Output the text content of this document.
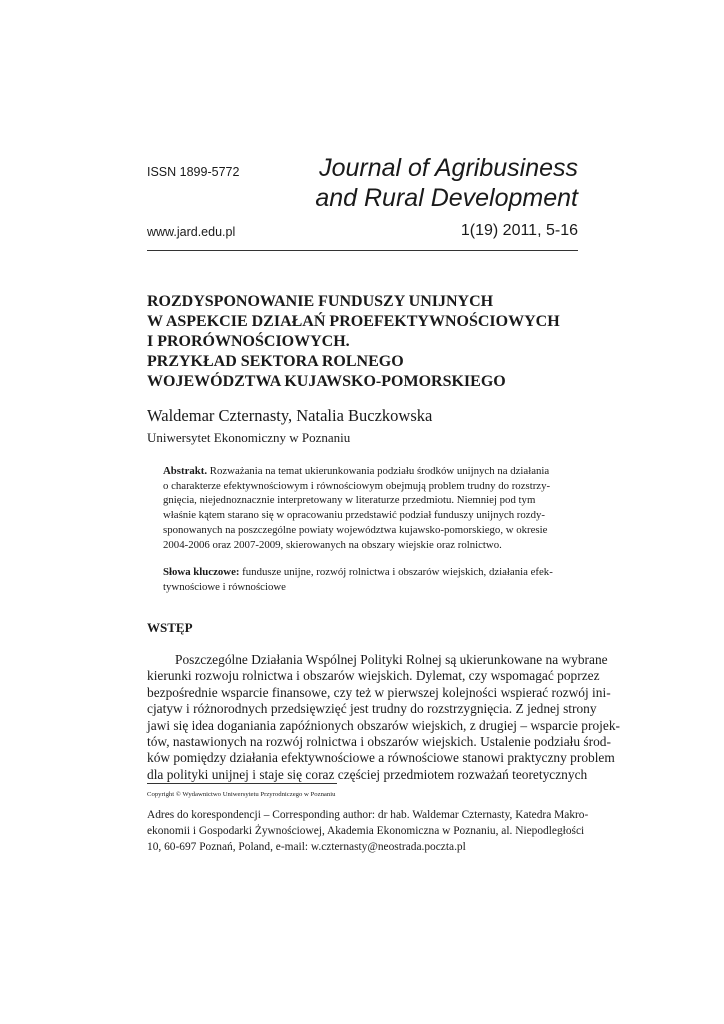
ISSN 1899-5772	Journal of Agribusiness
and Rural Development
www.jard.edu.pl	1(19) 2011, 5-16
ROZDYSPONOWANIE FUNDUSZY UNIJNYCH
W ASPEKCIE DZIAŁAŃ PROEFEKTYWNOŚCIOWYCH
I PRORÓWNOŚCIOWYCH.
PRZYKŁAD SEKTORA ROLNEGO
WOJEWÓDZTWA KUJAWSKO-POMORSKIEGO
Waldemar Czternasty, Natalia Buczkowska
Uniwersytet Ekonomiczny w Poznaniu
Abstrakt. Rozważania na temat ukierunkowania podziału środków unijnych na działania
o charakterze efektywnościowym i równościowym obejmują problem trudny do rozstrzy-
gnięcia, niejednoznacznie interpretowany w literaturze przedmiotu. Niemniej pod tym
właśnie kątem starano się w opracowaniu przedstawić podział funduszy unijnych rozdy-
sponowanych na poszczególne powiaty województwa kujawsko-pomorskiego, w okresie
2004-2006 oraz 2007-2009, skierowanych na obszary wiejskie oraz rolnictwo.
Słowa kluczowe: fundusze unijne, rozwój rolnictwa i obszarów wiejskich, działania efek-
tywnościowe i równościowe
WSTĘP
Poszczególne Działania Wspólnej Polityki Rolnej są ukierunkowane na wybrane
kierunki rozwoju rolnictwa i obszarów wiejskich. Dylemat, czy wspomagać poprzez
bezpośrednie wsparcie finansowe, czy też w pierwszej kolejności wspierać rozwój ini-
cjatyw i różnorodnych przedsięwzięć jest trudny do rozstrzygnięcia. Z jednej strony
jawi się idea doganiania zapóźnionych obszarów wiejskich, z drugiej – wsparcie projek-
tów, nastawionych na rozwój rolnictwa i obszarów wiejskich. Ustalenie podziału środ-
ków pomiędzy działania efektywnościowe a równościowe stanowi praktyczny problem
dla polityki unijnej i staje się coraz częściej przedmiotem rozważań teoretycznych
Copyright © Wydawnictwo Uniwersytetu Przyrodniczego w Poznaniu
Adres do korespondencji – Corresponding author: dr hab. Waldemar Czternasty, Katedra Makro-
ekonomii i Gospodarki Żywnościowej, Akademia Ekonomiczna w Poznaniu, al. Niepodległości
10, 60-697 Poznań, Poland, e-mail: w.czternasty@neostrada.poczta.pl
